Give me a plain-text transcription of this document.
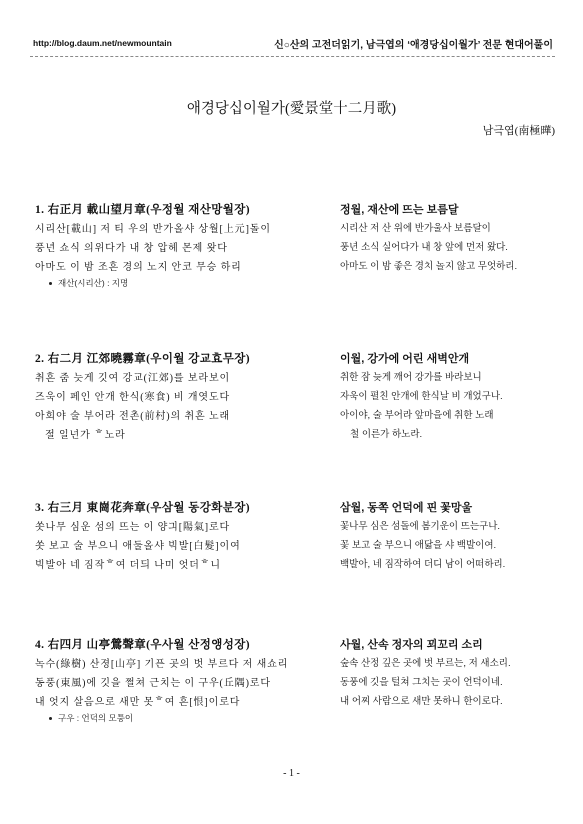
http://blog.daum.net/newmountain	신○산의 고전더읽기, 남극엽의 ‘애경당십이월가’ 전문 현대어풀이
애경당십이월가(愛景堂十二月歌)
남극엽(南極曄)
1. 右正月 載山望月章(우정월 재산망월장)
시리산[載山] 저 티 우의 반가올샤 상월[上元]돌이
풍년 쇼식 의위다가 내 창 압헤 몬제 왓다
아마도 이 밤 조흔 경의 노지 안코 무승 하리
재산(시리산) : 지명
정월, 재산에 뜨는 보름달
시리산 저 산 위에 반가울사 보름달이
풍년 소식 실어다가 내 창 앞에 먼저 왔다.
아마도 이 밤 좋은 경치 놀지 않고 무엇하리.
2. 右二月 江郊曉霧章(우이월 강교효무장)
취흔 줌 늣게 깃여 강교(江郊)를 보라보이
즈욱이 페인 안개 한식(寒食) 비 개엿도다
아희야 술 부어라 전촌(前村)의 취흔 노래
절 일넌가 ᄒ노라
이월, 강가에 어린 새벽안개
취한 잠 늦게 깨어 강가를 바라보니
자욱이 펼친 안개에 한식날 비 개었구나.
아이야, 술 부어라 앞마을에 취한 노래
철 이른가 하노라.
3. 右三月 東崗花奔章(우삼월 동강화분장)
쏫나무 심운 섬의 뜨는 이 양긔[陽氣]로다
쏫 보고 술 부으니 애둘올샤 빅발[白髮]이여
빅발아 네 짐작ᄒ여 더듸 나미 엇더ᄒ니
삼월, 동쪽 언덕에 핀 꽃망울
꽃나무 심은 섬돌에 봄기운이 뜨는구나.
꽃 보고 술 부으니 애닯을 샤 백발이여.
백발아, 네 짐작하여 더디 남이 어떠하리.
4. 右四月 山亭鶯聲章(우사월 산정앵성장)
녹수(綠樹) 산졍[山亭] 기픈 곳의 벗 부르다 저 새쇼리
동풍(東風)에 깃을 쩔쳐 근치는 이 구우(丘隅)로다
내 엇지 살음으로 새만 못ᄒ여 흔[恨]이로다
구우 : 언덕의 모퉁이
사월, 산속 정자의 꾀꼬리 소리
숲속 산정 깊은 곳에 벗 부르는, 저 새소리.
동풍에 깃을 털쳐 그치는 곳이 언덕이네.
내 어찌 사람으로 새만 못하니 한이로다.
- 1 -
